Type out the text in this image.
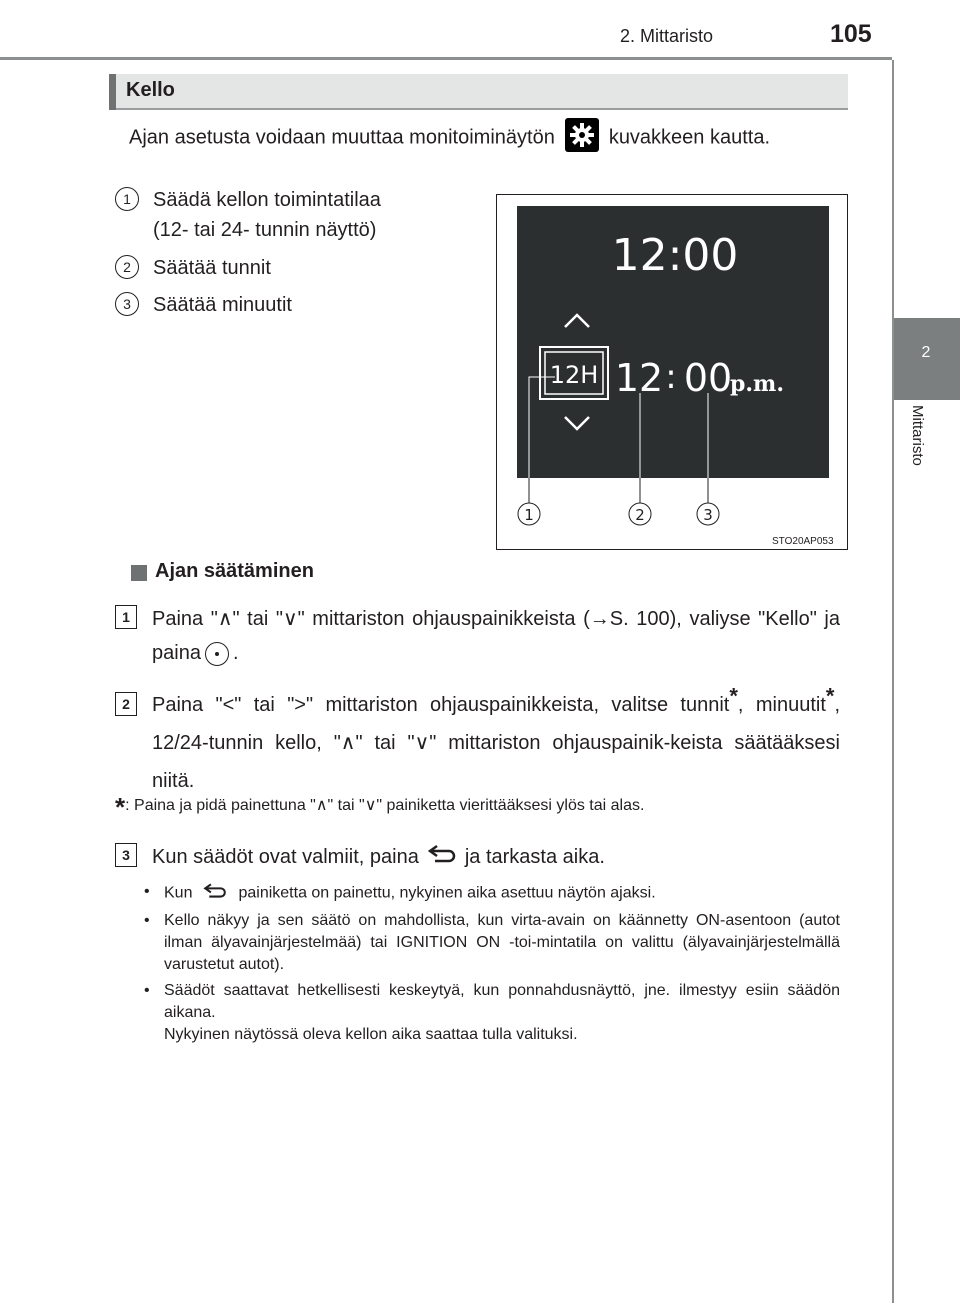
2. Mittaristo	105
2
Mittaristo
Kello
Ajan asetusta voidaan muuttaa monitoiminäytön	kuvakkeen kautta.
1	Säädä kellon toimintatilaa
(12- tai 24- tunnin näyttö)
2	Säätää tunnit
3	Säätää minuutit
12:00
12H 12 : 00
p.m.
1	2	3
STO20AP053
Ajan säätäminen
1	Paina "∧" tai "∨" mittariston ohjauspainikkeista (→S. 100), valiyse "Kello" ja paina .
2	Paina "<" tai ">" mittariston ohjauspainikkeista, valitse tunnit*, minuutit*, 12/24-tunnin kello, "∧" tai "∨" mittariston ohjauspainik-keista säätääksesi niitä.
*: Paina ja pidä painettuna "∧" tai "∨" painiketta vierittääksesi ylös tai alas.
3	Kun säädöt ovat valmiit, paina ja tarkasta aika.
• Kun	painiketta on painettu, nykyinen aika asettuu näytön ajaksi.
• Kello näkyy ja sen säätö on mahdollista, kun virta-avain on käännetty ON-asentoon (autot ilman älyavainjärjestelmää) tai IGNITION ON -toi-mintatila on valittu (älyavainjärjestelmällä varustetut autot).
• Säädöt saattavat hetkellisesti keskeytyä, kun ponnahdusnäyttö, jne. ilmestyy esiin säädön aikana.
Nykyinen näytössä oleva kellon aika saattaa tulla valituksi.
